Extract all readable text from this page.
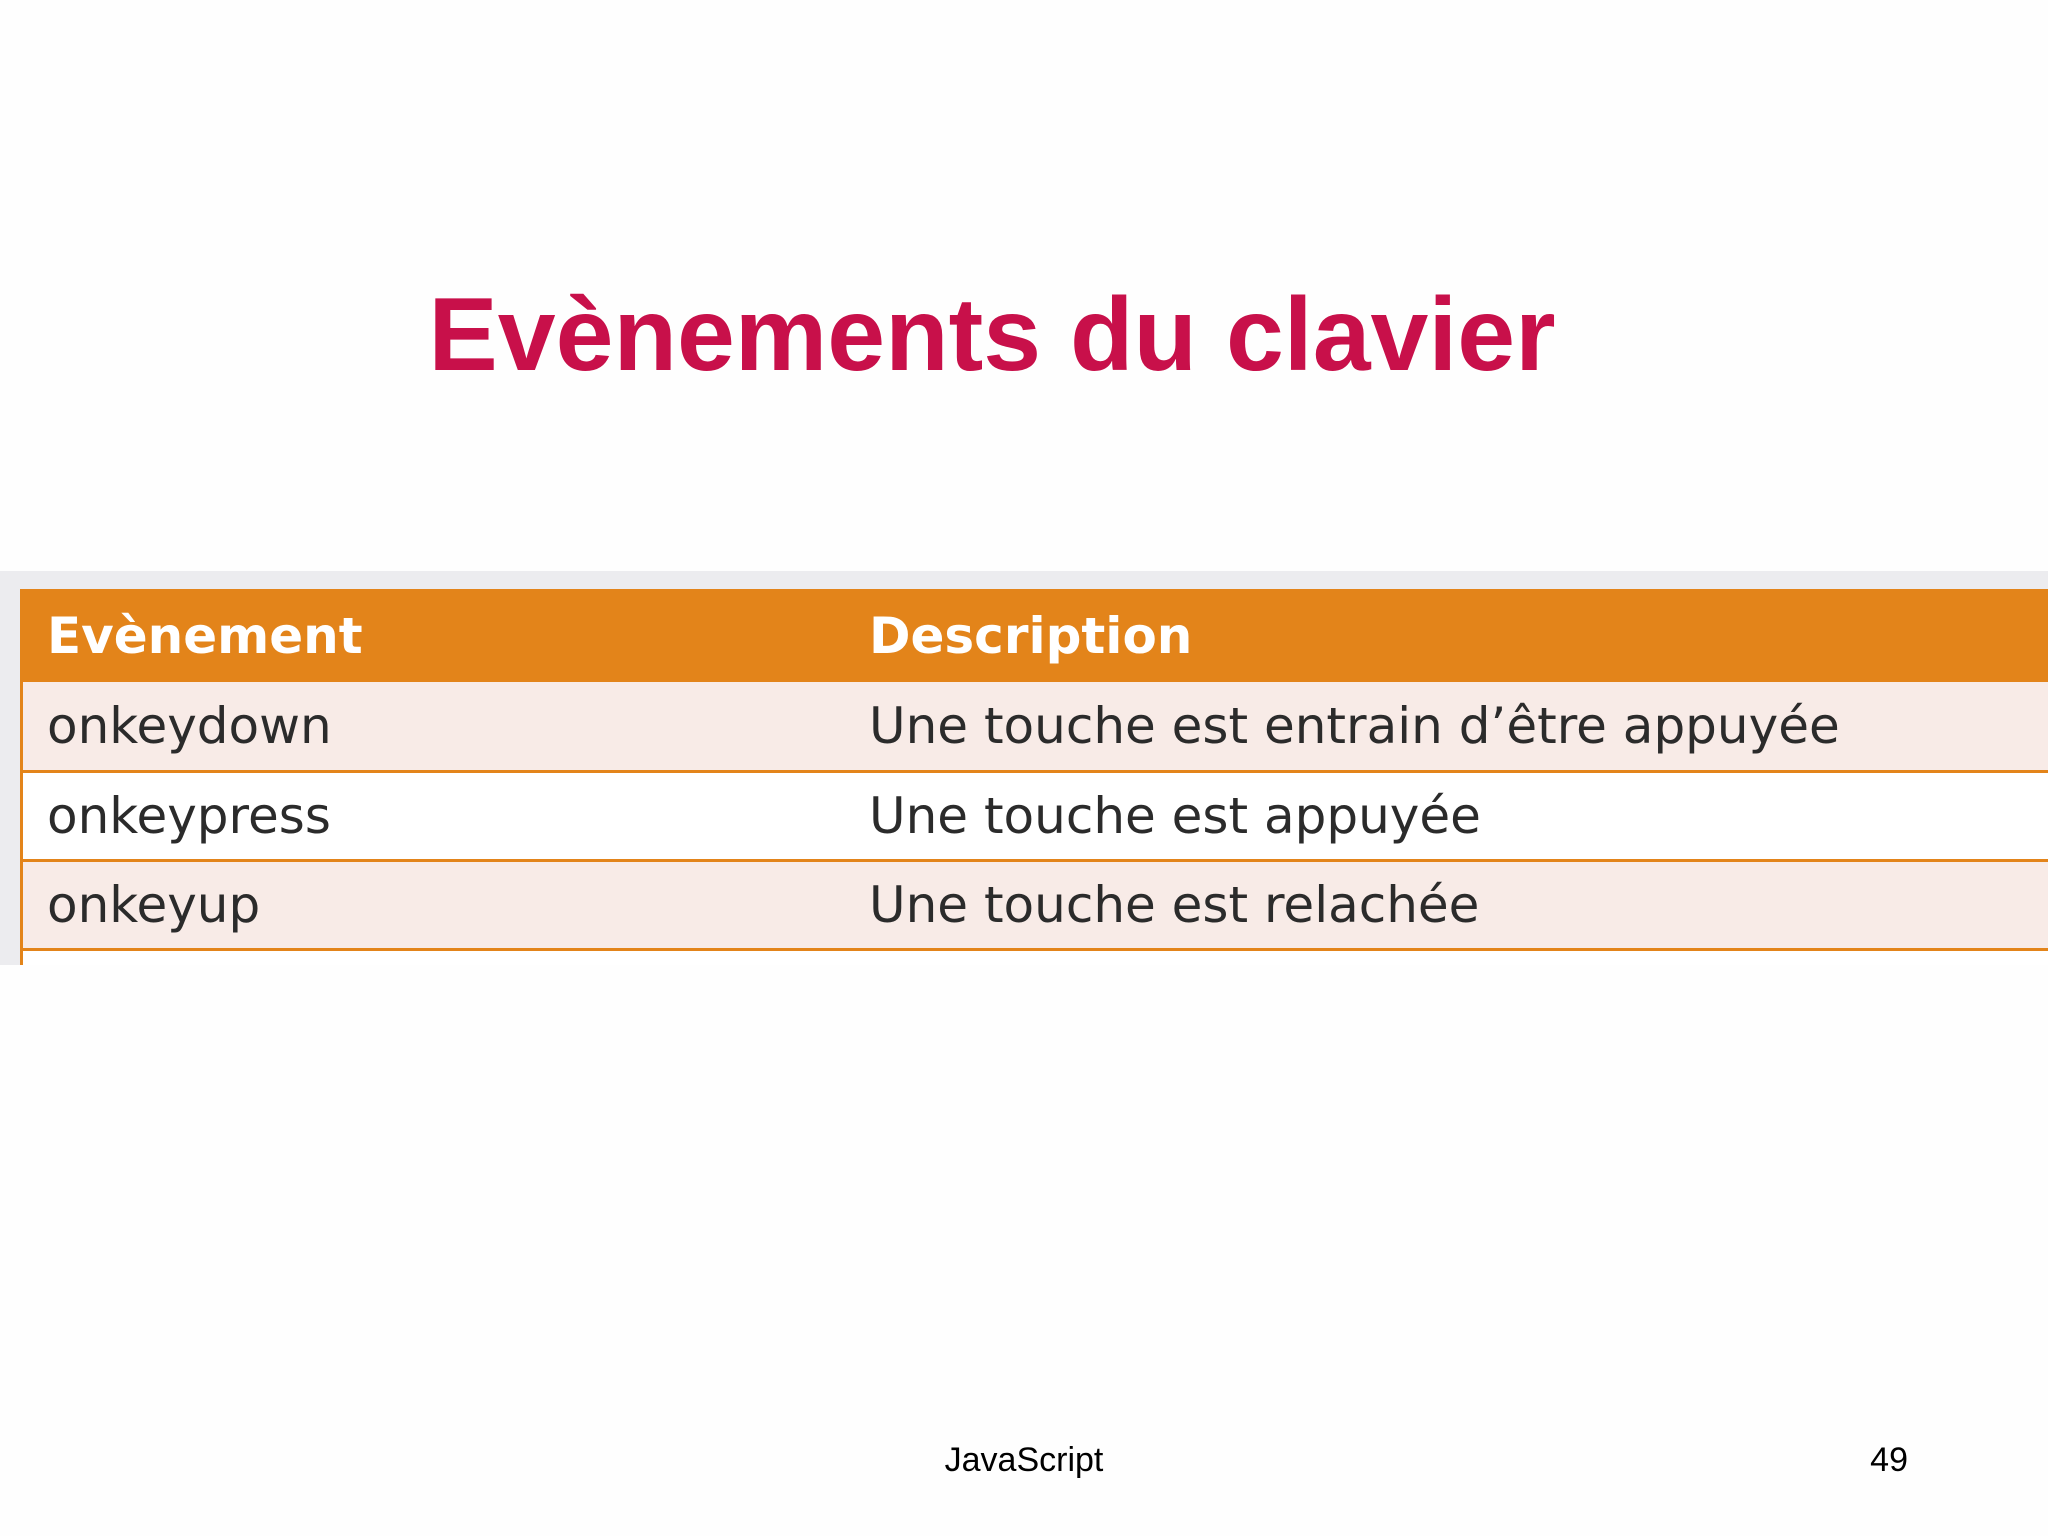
Evènements du clavier
Evènement	Description
onkeydown	Une touche est entrain d’être appuyée
onkeypress	Une touche est appuyée
onkeyup	Une touche est relachée
JavaScript	49
